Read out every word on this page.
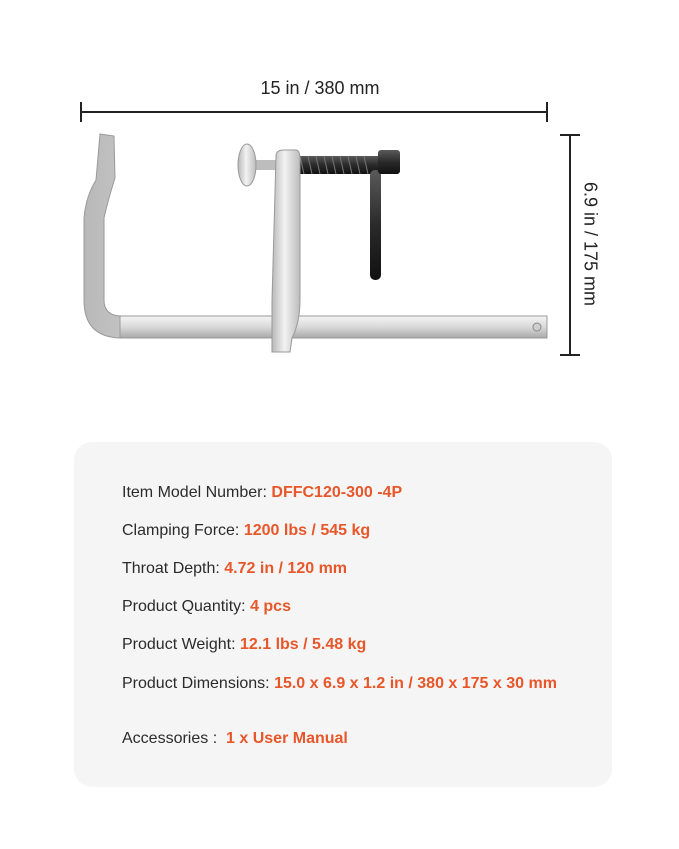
15 in / 380 mm
6.9 in / 175 mm
Item Model Number: DFFC120-300 -4P
Clamping Force: 1200 lbs / 545 kg
Throat Depth: 4.72 in / 120 mm
Product Quantity: 4 pcs
Product Weight: 12.1 lbs / 5.48 kg
Product Dimensions: 15.0 x 6.9 x 1.2 in / 380 x 175 x 30 mm
Accessories :  1 x User Manual
